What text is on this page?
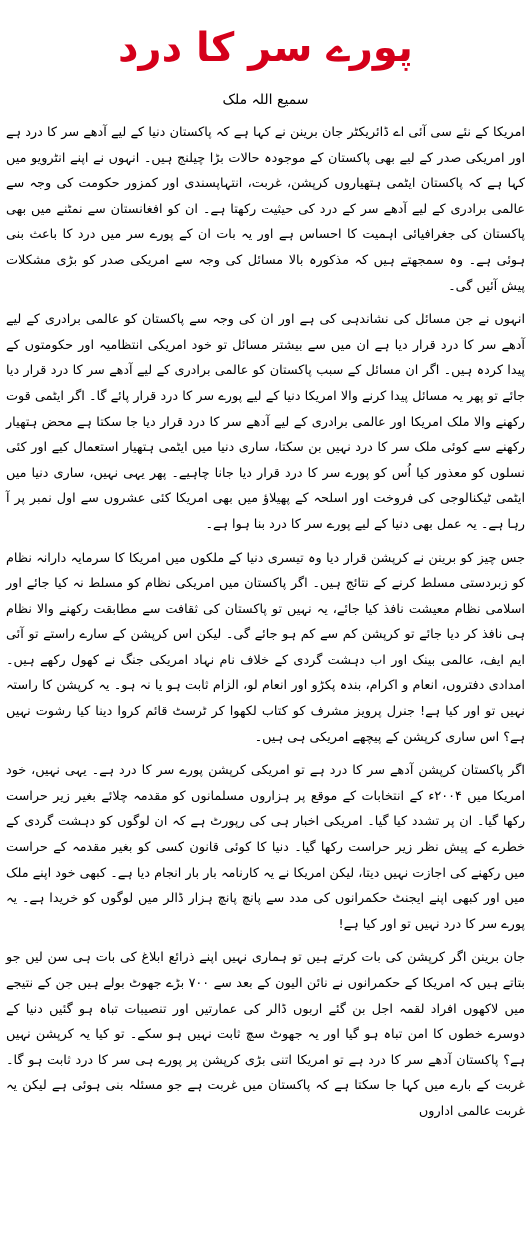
پورے سر کا درد
سمیع اللہ ملک

امریکا کے نئے سی آئی اے ڈائریکٹر جان برینن نے کہا ہے کہ پاکستان دنیا کے لیے آدھے سر کا درد ہے اور امریکی صدر کے لیے بھی پاکستان کے موجودہ حالات بڑا چیلنج ہیں۔ انہوں نے اپنے انٹرویو میں کہا ہے کہ پاکستان ایٹمی ہتھیاروں کرپشن، غربت، انتہاپسندی اور کمزور حکومت کی وجہ سے عالمی برادری کے لیے آدھے سر کے درد کی حیثیت رکھتا ہے۔ ان کو افغانستان سے نمٹنے میں بھی پاکستان کی جغرافیائی اہمیت کا احساس ہے اور یہ بات ان کے پورے سر میں درد کا باعث بنی ہوئی ہے۔ وہ سمجھتے ہیں کہ مذکورہ بالا مسائل کی وجہ سے امریکی صدر کو بڑی مشکلات پیش آئیں گی۔

انہوں نے جن مسائل کی نشاندہی کی ہے اور ان کی وجہ سے پاکستان کو عالمی برادری کے لیے آدھے سر کا درد قرار دیا ہے ان میں سے بیشتر مسائل تو خود امریکی انتظامیہ اور حکومتوں کے پیدا کردہ ہیں۔ اگر ان مسائل کے سبب پاکستان کو عالمی برادری کے لیے آدھے سر کا درد قرار دیا جائے تو پھر یہ مسائل پیدا کرنے والا امریکا دنیا کے لیے پورے سر کا درد قرار پائے گا۔ اگر ایٹمی قوت رکھنے والا ملک امریکا اور عالمی برادری کے لیے آدھے سر کا درد قرار دیا جا سکتا ہے محض ہتھیار رکھنے سے کوئی ملک سر کا درد نہیں بن سکتا، ساری دنیا میں ایٹمی ہتھیار استعمال کیے اور کئی نسلوں کو معذور کیا اُس کو پورے سر کا درد قرار دیا جانا چاہیے۔ پھر یہی نہیں، ساری دنیا میں ایٹمی ٹیکنالوجی کی فروخت اور اسلحہ کے پھیلاؤ میں بھی امریکا کئی عشروں سے اول نمبر پر آ رہا ہے۔ یہ عمل بھی دنیا کے لیے پورے سر کا درد بنا ہوا ہے۔

جس چیز کو برینن نے کرپشن قرار دیا وہ تیسری دنیا کے ملکوں میں امریکا کا سرمایہ دارانہ نظام کو زبردستی مسلط کرنے کے نتائج ہیں۔ اگر پاکستان میں امریکی نظام کو مسلط نہ کیا جائے اور اسلامی نظام معیشت نافذ کیا جائے، یہ نہیں تو پاکستان کی ثقافت سے مطابقت رکھنے والا نظام ہی نافذ کر دیا جائے تو کرپشن کم سے کم ہو جائے گی۔ لیکن اس کرپشن کے سارے راستے تو آئی ایم ایف، عالمی بینک اور اب دہشت گردی کے خلاف نام نہاد امریکی جنگ نے کھول رکھے ہیں۔ امدادی دفتروں، انعام و اکرام، بندہ پکڑو اور انعام لو، الزام ثابت ہو یا نہ ہو۔ یہ کرپشن کا راستہ نہیں تو اور کیا ہے! جنرل پرویز مشرف کو کتاب لکھوا کر ٹرسٹ قائم کروا دینا کیا رشوت نہیں ہے؟ اس ساری کرپشن کے پیچھے امریکی ہی ہیں۔

اگر پاکستان کرپشن آدھے سر کا درد ہے تو امریکی کرپشن پورے سر کا درد ہے۔ یہی نہیں، خود امریکا میں ۲۰۰۴ء کے انتخابات کے موقع پر ہزاروں مسلمانوں کو مقدمہ چلائے بغیر زیر حراست رکھا گیا۔ ان پر تشدد کیا گیا۔ امریکی اخبار ہی کی رپورٹ ہے کہ ان لوگوں کو دہشت گردی کے خطرے کے پیش نظر زیر حراست رکھا گیا۔ دنیا کا کوئی قانون کسی کو بغیر مقدمہ کے حراست میں رکھنے کی اجازت نہیں دیتا، لیکن امریکا نے یہ کارنامہ بار بار انجام دیا ہے۔ کبھی خود اپنے ملک میں اور کبھی اپنے ایجنٹ حکمرانوں کی مدد سے پانچ پانچ ہزار ڈالر میں لوگوں کو خریدا ہے۔ یہ پورے سر کا درد نہیں تو اور کیا ہے!

جان برینن اگر کرپشن کی بات کرتے ہیں تو ہماری نہیں اپنے ذرائع ابلاغ کی بات ہی سن لیں جو بتاتے ہیں کہ امریکا کے حکمرانوں نے نائن الیون کے بعد سے ۷۰۰ بڑے جھوٹ بولے ہیں جن کے نتیجے میں لاکھوں افراد لقمہ اجل بن گئے اربوں ڈالر کی عمارتیں اور تنصیبات تباہ ہو گئیں دنیا کے دوسرے خطوں کا امن تباہ ہو گیا اور یہ جھوٹ سچ ثابت نہیں ہو سکے۔ تو کیا یہ کرپشن نہیں ہے؟ پاکستان آدھے سر کا درد ہے تو امریکا اتنی بڑی کرپشن پر پورے ہی سر کا درد ثابت ہو گا۔ غربت کے بارے میں کہا جا سکتا ہے کہ پاکستان میں غربت ہے جو مسئلہ بنی ہوئی ہے لیکن یہ غربت عالمی اداروں
